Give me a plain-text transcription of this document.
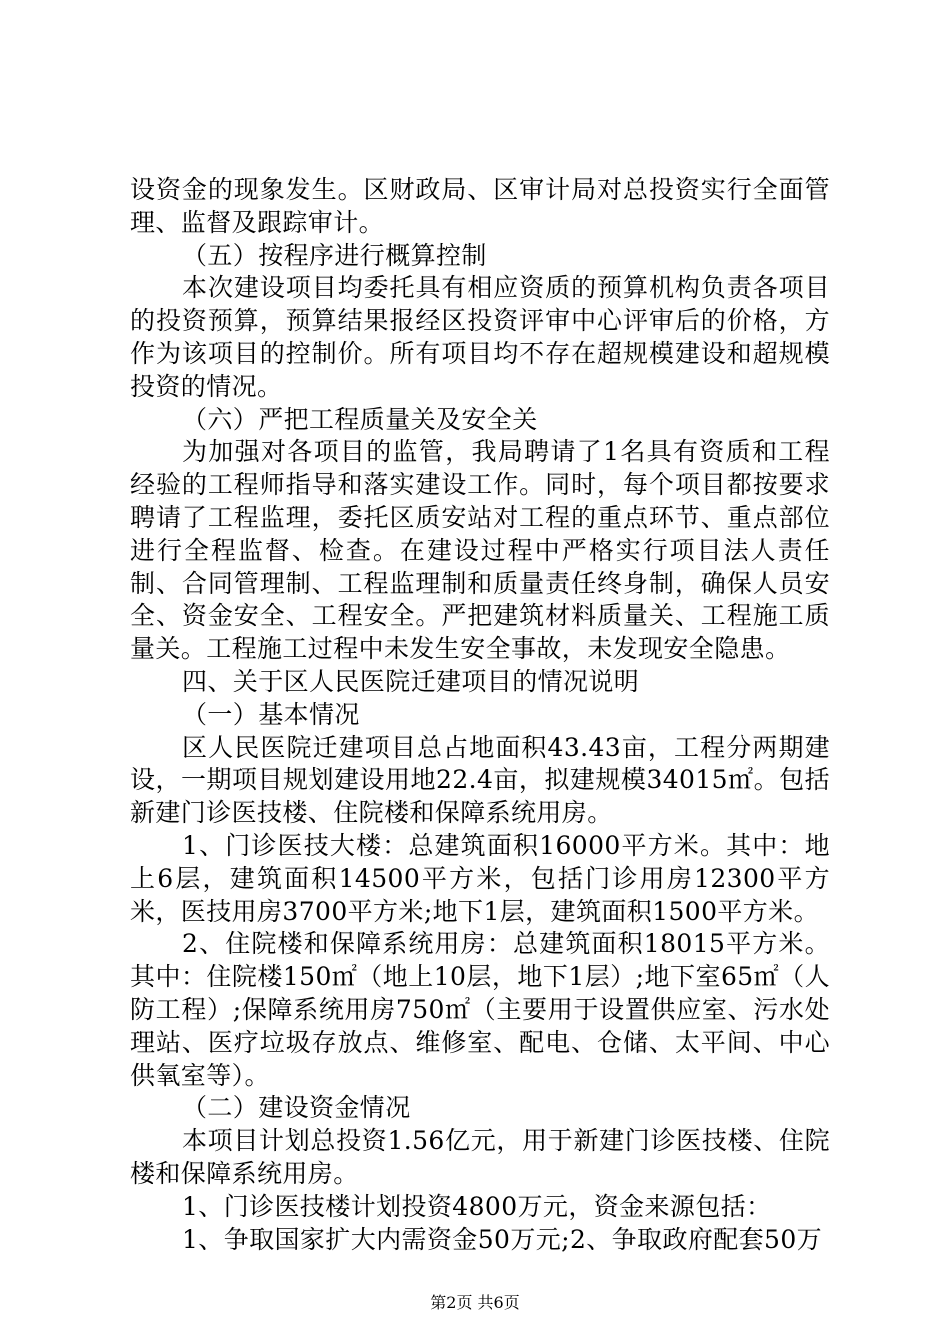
设资金的现象发生。区财政局、区审计局对总投资实行全面管理、监督及跟踪审计。

（五）按程序进行概算控制

本次建设项目均委托具有相应资质的预算机构负责各项目的投资预算，预算结果报经区投资评审中心评审后的价格，方作为该项目的控制价。所有项目均不存在超规模建设和超规模投资的情况。

（六）严把工程质量关及安全关

为加强对各项目的监管，我局聘请了1名具有资质和工程经验的工程师指导和落实建设工作。同时，每个项目都按要求聘请了工程监理，委托区质安站对工程的重点环节、重点部位进行全程监督、检查。在建设过程中严格实行项目法人责任制、合同管理制、工程监理制和质量责任终身制，确保人员安全、资金安全、工程安全。严把建筑材料质量关、工程施工质量关。工程施工过程中未发生安全事故，未发现安全隐患。

四、关于区人民医院迁建项目的情况说明

（一）基本情况

区人民医院迁建项目总占地面积43.43亩，工程分两期建设，一期项目规划建设用地22.4亩，拟建规模34015㎡。包括新建门诊医技楼、住院楼和保障系统用房。

1、门诊医技大楼：总建筑面积16000平方米。其中：地上6层，建筑面积14500平方米，包括门诊用房12300平方米，医技用房3700平方米;地下1层，建筑面积1500平方米。

2、住院楼和保障系统用房：总建筑面积18015平方米。其中：住院楼150㎡（地上10层，地下1层）;地下室65㎡（人防工程）;保障系统用房750㎡（主要用于设置供应室、污水处理站、医疗垃圾存放点、维修室、配电、仓储、太平间、中心供氧室等）。

（二）建设资金情况

本项目计划总投资1.56亿元，用于新建门诊医技楼、住院楼和保障系统用房。

1、门诊医技楼计划投资4800万元，资金来源包括：

1、争取国家扩大内需资金50万元;2、争取政府配套50万

第2页 共6页
